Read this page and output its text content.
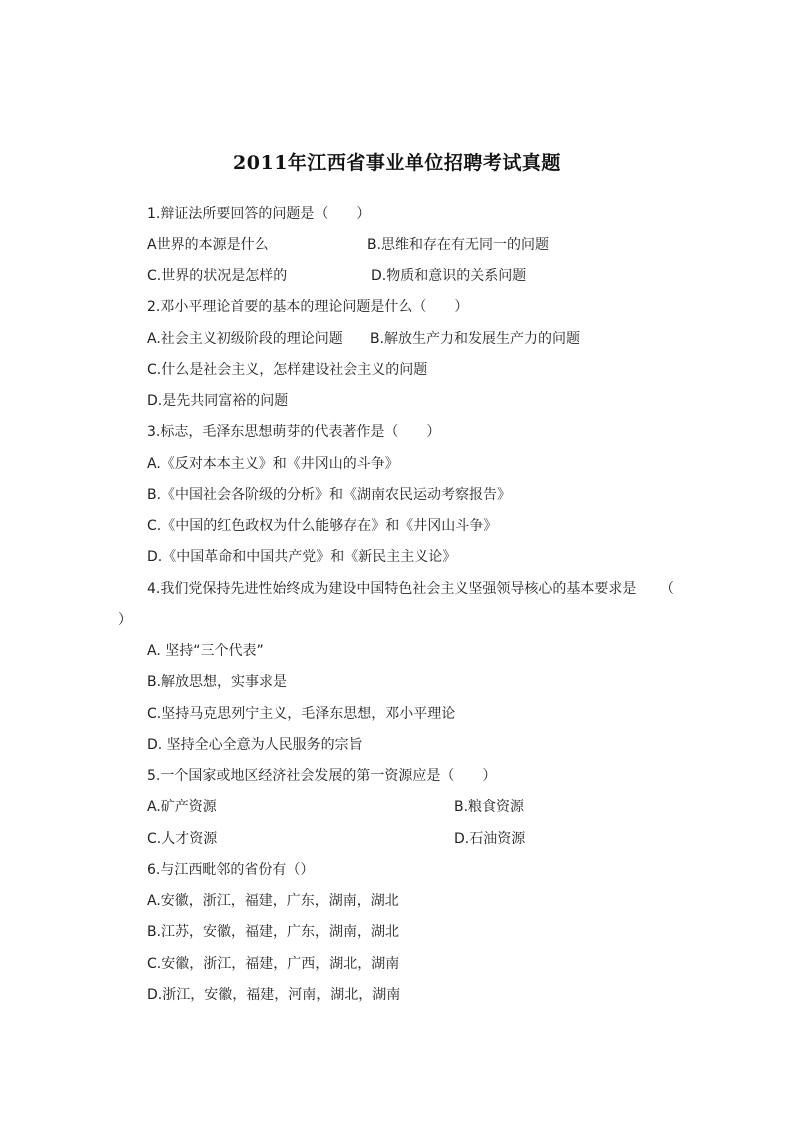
2011年江西省事业单位招聘考试真题
1.辩证法所要回答的问题是（　　）
A世界的本源是什么	B.思维和存在有无同一的问题
C.世界的状况是怎样的	D.物质和意识的关系问题
2.邓小平理论首要的基本的理论问题是什么（　　）
A.社会主义初级阶段的理论问题 B.解放生产力和发展生产力的问题
C.什么是社会主义，怎样建设社会主义的问题
D.是先共同富裕的问题
3.标志，毛泽东思想萌芽的代表著作是（　　）
A.《反对本本主义》和《井冈山的斗争》
B.《中国社会各阶级的分析》和《湖南农民运动考察报告》
C.《中国的红色政权为什么能够存在》和《井冈山斗争》
D.《中国革命和中国共产党》和《新民主主义论》
4.我们党保持先进性始终成为建设中国特色社会主义坚强领导核心的基本要求是 （
）
A. 坚持“三个代表”
B.解放思想，实事求是
C.坚持马克思列宁主义，毛泽东思想，邓小平理论
D. 坚持全心全意为人民服务的宗旨
5.一个国家或地区经济社会发展的第一资源应是（　　）
A.矿产资源	B.粮食资源
C.人才资源	D.石油资源
6.与江西毗邻的省份有（）
A.安徽，浙江，福建，广东，湖南，湖北
B.江苏，安徽，福建，广东，湖南，湖北
C.安徽，浙江，福建，广西，湖北，湖南
D.浙江，安徽，福建，河南，湖北，湖南
